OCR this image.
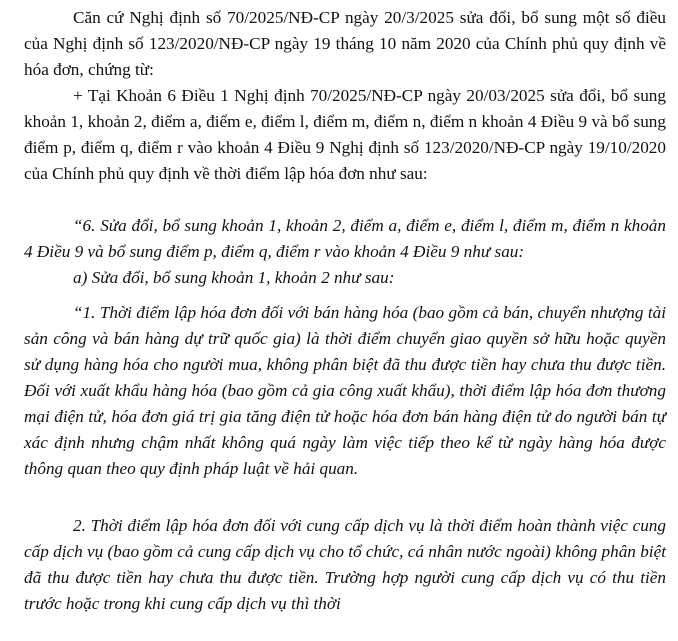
Căn cứ Nghị định số 70/2025/NĐ-CP ngày 20/3/2025 sửa đổi, bổ sung một số điều của Nghị định số 123/2020/NĐ-CP ngày 19 tháng 10 năm 2020 của Chính phủ quy định về hóa đơn, chứng từ:

+ Tại Khoản 6 Điều 1 Nghị định 70/2025/NĐ-CP ngày 20/03/2025 sửa đổi, bổ sung khoản 1, khoản 2, điểm a, điểm e, điểm l, điểm m, điểm n, điểm n khoản 4 Điều 9 và bổ sung điểm p, điểm q, điểm r vào khoản 4 Điều 9 Nghị định số 123/2020/NĐ-CP ngày 19/10/2020 của Chính phủ quy định về thời điểm lập hóa đơn như sau:

“6. Sửa đổi, bổ sung khoản 1, khoản 2, điểm a, điểm e, điểm l, điểm m, điểm n khoản 4 Điều 9 và bổ sung điểm p, điểm q, điểm r vào khoản 4 Điều 9 như sau:

a) Sửa đổi, bổ sung khoản 1, khoản 2 như sau:

“1. Thời điểm lập hóa đơn đối với bán hàng hóa (bao gồm cả bán, chuyển nhượng tài sản công và bán hàng dự trữ quốc gia) là thời điểm chuyển giao quyền sở hữu hoặc quyền sử dụng hàng hóa cho người mua, không phân biệt đã thu được tiền hay chưa thu được tiền. Đối với xuất khẩu hàng hóa (bao gồm cả gia công xuất khẩu), thời điểm lập hóa đơn thương mại điện tử, hóa đơn giá trị gia tăng điện tử hoặc hóa đơn bán hàng điện tử do người bán tự xác định nhưng chậm nhất không quá ngày làm việc tiếp theo kể từ ngày hàng hóa được thông quan theo quy định pháp luật về hải quan.

2. Thời điểm lập hóa đơn đối với cung cấp dịch vụ là thời điểm hoàn thành việc cung cấp dịch vụ (bao gồm cả cung cấp dịch vụ cho tổ chức, cá nhân nước ngoài) không phân biệt đã thu được tiền hay chưa thu được tiền. Trường hợp người cung cấp dịch vụ có thu tiền trước hoặc trong khi cung cấp dịch vụ thì thời
